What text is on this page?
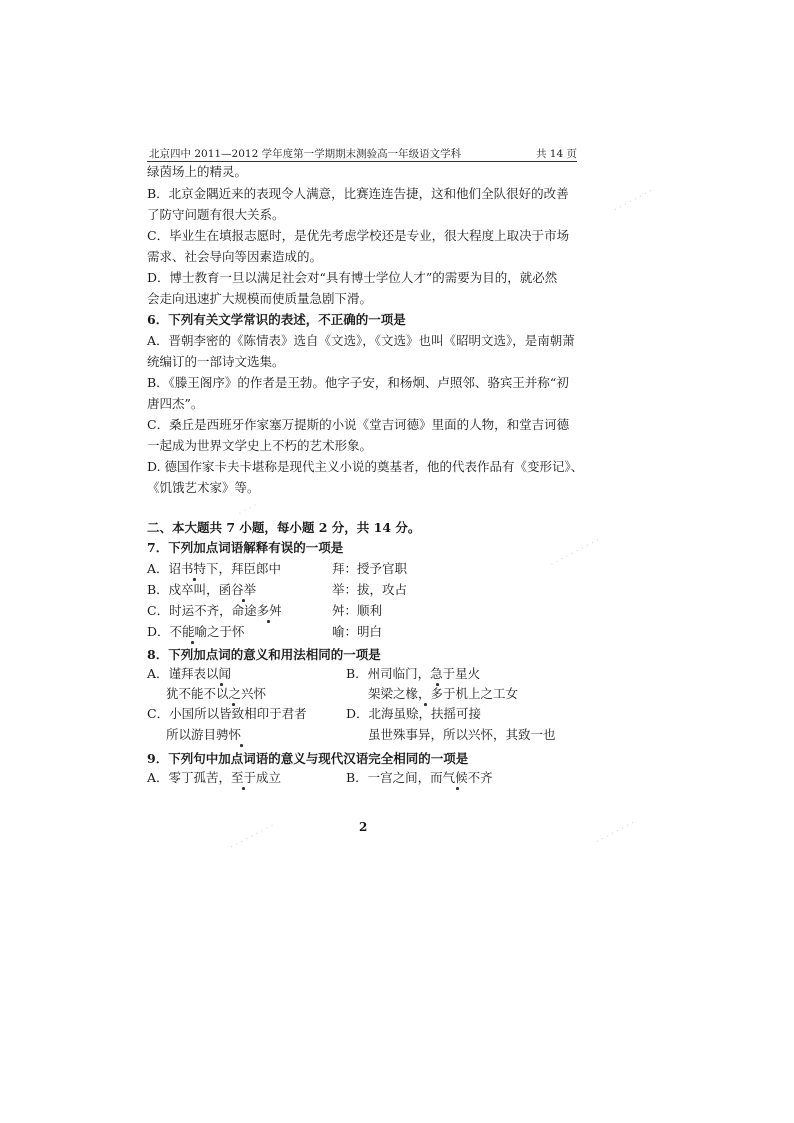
北京四中 2011—2012 学年度第一学期期末测验高一年级语文学科	共 14 页
绿茵场上的精灵。
B．北京金隅近来的表现令人满意，比赛连连告捷，这和他们全队很好的改善
了防守问题有很大关系。
C．毕业生在填报志愿时，是优先考虑学校还是专业，很大程度上取决于市场
需求、社会导向等因素造成的。
D．博士教育一旦以满足社会对“具有博士学位人才”的需要为目的，就必然
会走向迅速扩大规模而使质量急剧下滑。
6．下列有关文学常识的表述，不正确的一项是
A．晋朝李密的《陈情表》选自《文选》，《文选》也叫《昭明文选》，是南朝萧
统编订的一部诗文选集。
B．《滕王阁序》的作者是王勃。他字子安，和杨炯、卢照邻、骆宾王并称“初
唐四杰”。
C．桑丘是西班牙作家塞万提斯的小说《堂吉诃德》里面的人物，和堂吉诃德
一起成为世界文学史上不朽的艺术形象。
D. 德国作家卡夫卡堪称是现代主义小说的奠基者，他的代表作品有《变形记》、
《饥饿艺术家》等。
二、本大题共 7 小题，每小题 2 分，共 14 分。
7．下列加点词语解释有误的一项是
A．诏书特下，拜臣郎中	拜：授予官职
B．戍卒叫，函谷举	举：拔，攻占
C．时运不齐，命途多舛	舛：顺利
D．不能喻之于怀	喻：明白
8．下列加点词的意义和用法相同的一项是
A．谨拜表以闻	B．州司临门，急于星火
犹不能不以之兴怀	架梁之椽，多于机上之工女
C．小国所以皆致相印于君者	D．北海虽赊，扶摇可接
所以游目骋怀	虽世殊事异，所以兴怀，其致一也
9．下列句中加点词语的意义与现代汉语完全相同的一项是
A．零丁孤苦，至于成立	B．一宫之间，而气候不齐
2
· · · · · · · ·
· · · · · · · · · ·
· · · ·
· · · · · · · · ·	· · · · · · · ·
